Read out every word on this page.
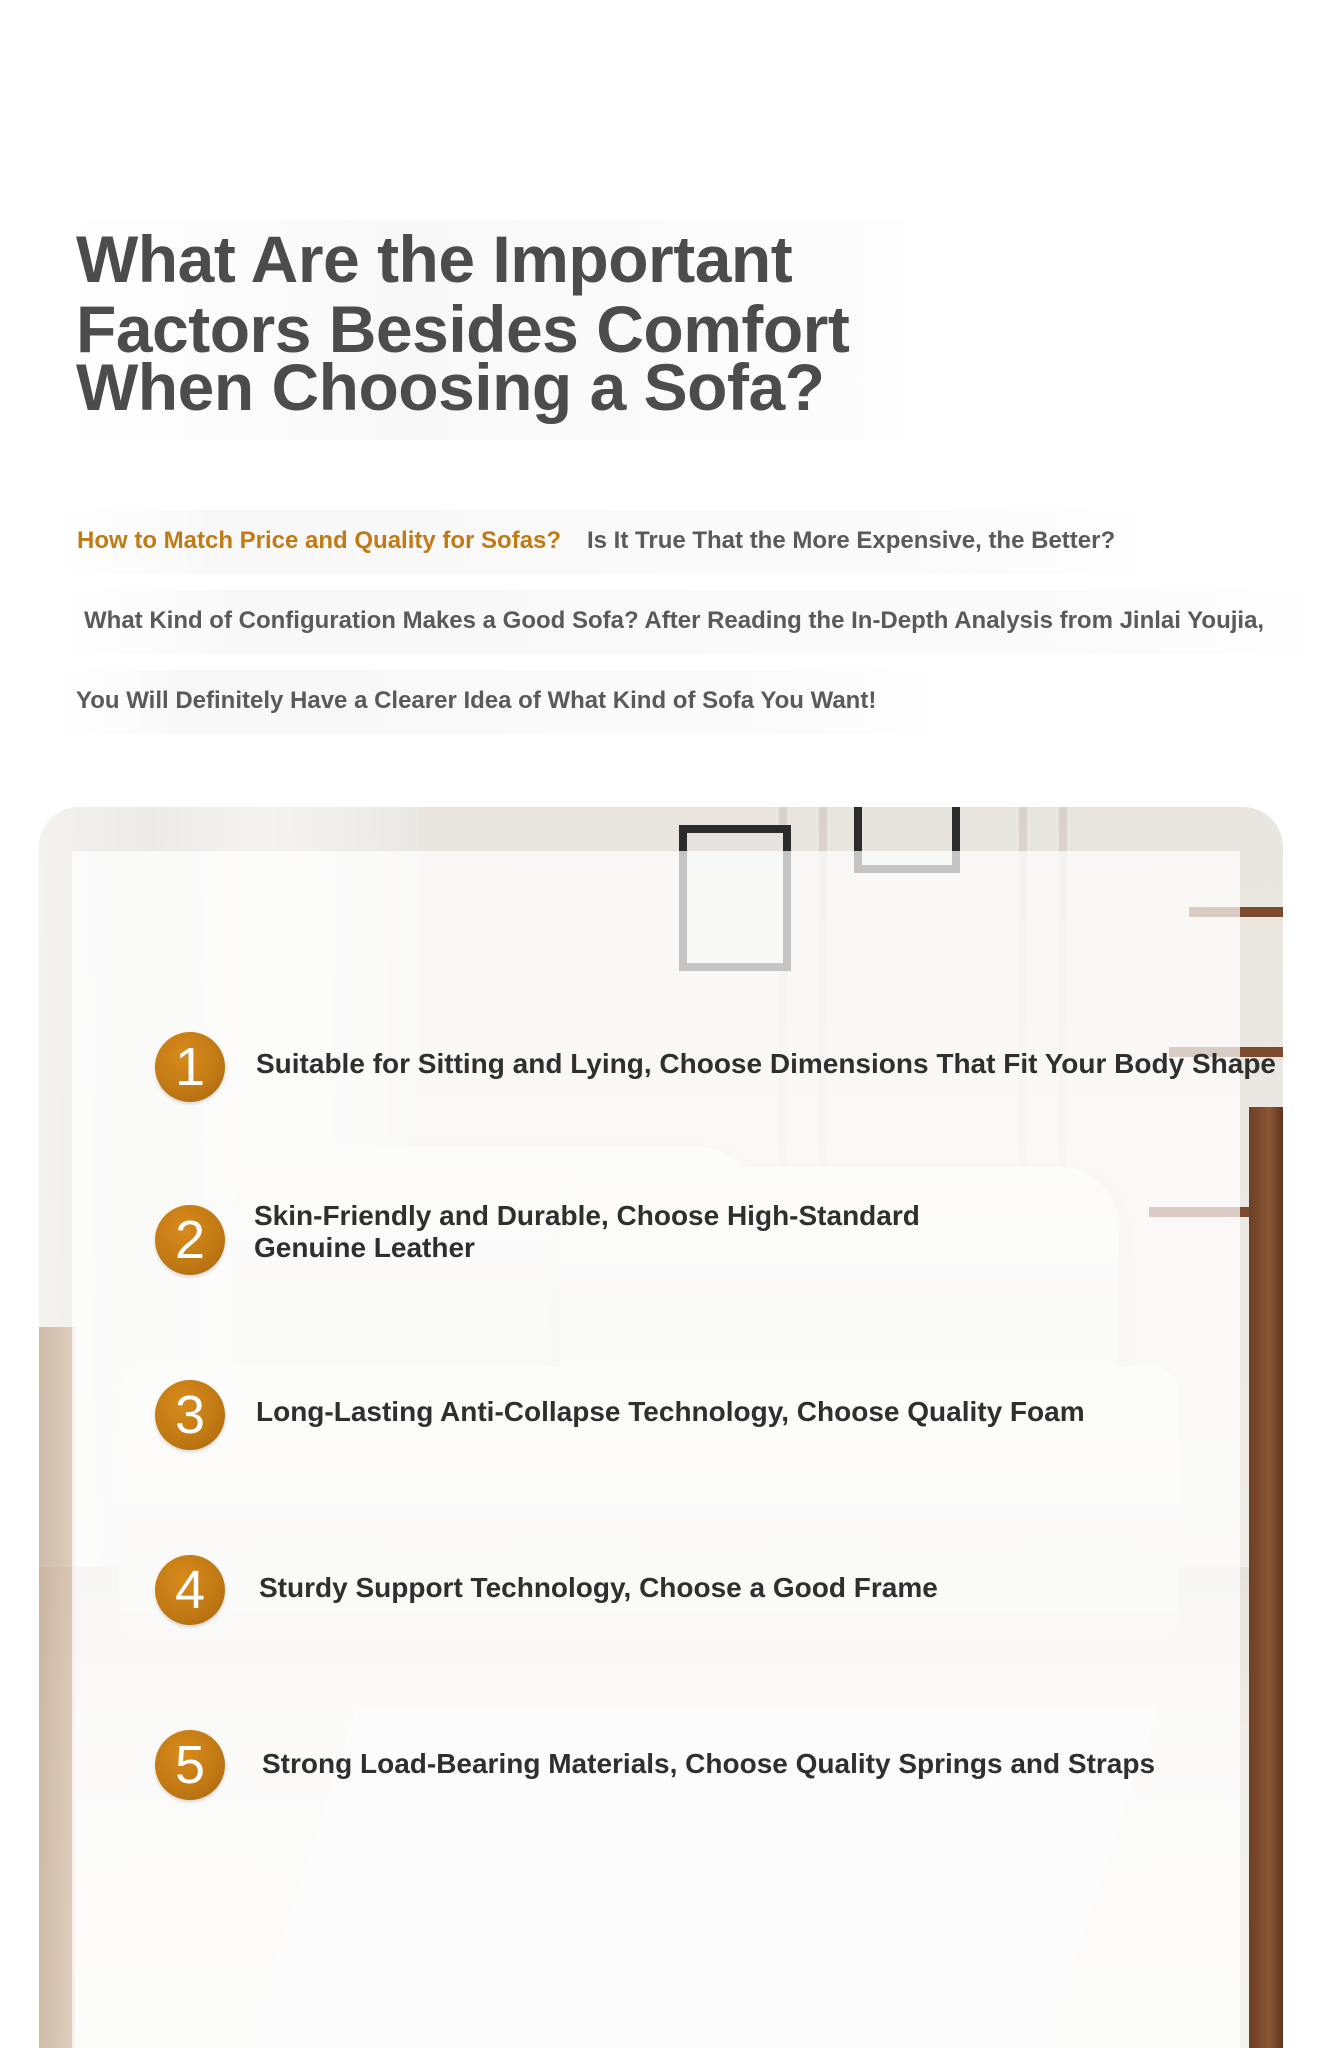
What Are the Important
Factors Besides Comfort
When Choosing a Sofa?
How to Match Price and Quality for Sofas? Is It True That the More Expensive, the Better?
What Kind of Configuration Makes a Good Sofa? After Reading the In-Depth Analysis from Jinlai Youjia,
You Will Definitely Have a Clearer Idea of What Kind of Sofa You Want!
1	Suitable for Sitting and Lying, Choose Dimensions That Fit Your Body Shape
2	Skin-Friendly and Durable, Choose High-Standard
Genuine Leather
3	Long-Lasting Anti-Collapse Technology, Choose Quality Foam
4	Sturdy Support Technology, Choose a Good Frame
5	Strong Load-Bearing Materials, Choose Quality Springs and Straps
